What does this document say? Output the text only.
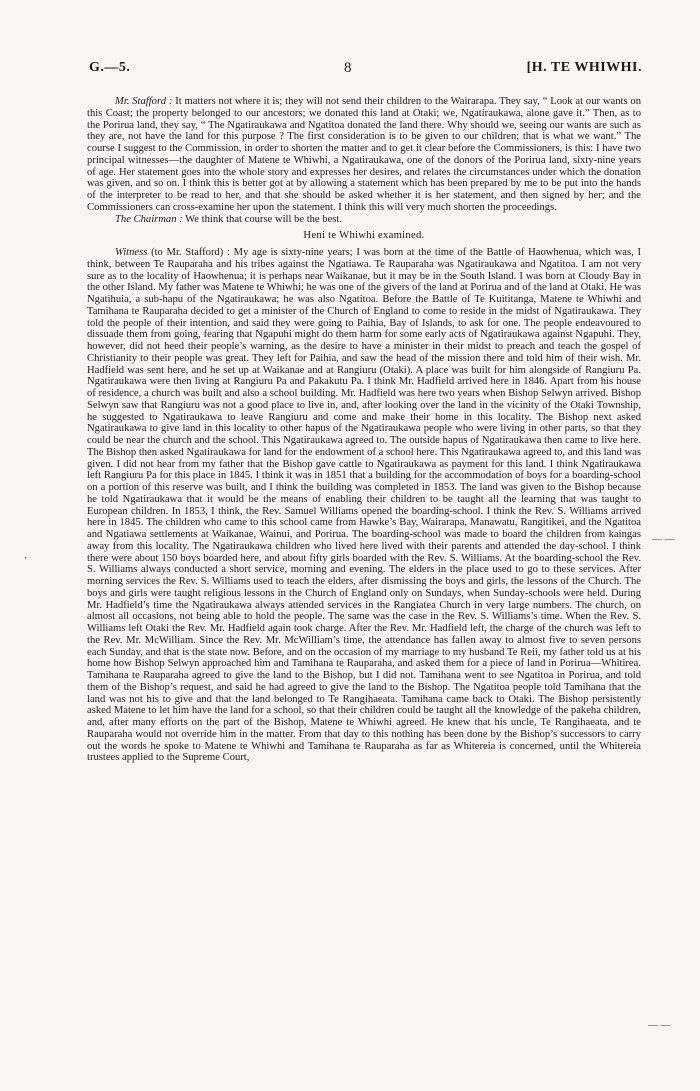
G.—5.	8	[H. TE WHIWHI.

Mr. Stafford : It matters not where it is; they will not send their children to the Wairarapa. They say, “ Look at our wants on this Coast; the property belonged to our ancestors; we donated this land at Otaki; we, Ngatiraukawa, alone gave it.” Then, as to the Porirua land, they say, “ The Ngatiraukawa and Ngatitoa donated the land there. Why should we, seeing our wants are such as they are, not have the land for this purpose ? The first consideration is to be given to our children; that is what we want.” The course I suggest to the Commission, in order to shorten the matter and to get it clear before the Commissioners, is this: I have two principal witnesses—the daughter of Matene te Whiwhi, a Ngatiraukawa, one of the donors of the Porirua land, sixty-nine years of age. Her statement goes into the whole story and expresses her desires, and relates the circumstances under which the donation was given, and so on. I think this is better got at by allowing a statement which has been prepared by me to be put into the hands of the interpreter to be read to her, and that she should be asked whether it is her statement, and then signed by her; and the Commissioners can cross-examine her upon the statement. I think this will very much shorten the proceedings.

The Chairman : We think that course will be the best.

Heni te Whiwhi examined.

Witness (to Mr. Stafford) : My age is sixty-nine years; I was born at the time of the Battle of Haowhenua, which was, I think, between Te Rauparaha and his tribes against the Ngatiawa. Te Rauparaha was Ngatiraukawa and Ngatitoa. I am not very sure as to the locality of Haowhenua; it is perhaps near Waikanae, but it may be in the South Island. I was born at Cloudy Bay in the other Island. My father was Matene te Whiwhi; he was one of the givers of the land at Porirua and of the land at Otaki. He was Ngatihuia, a sub-hapu of the Ngatiraukawa; he was also Ngatitoa. Before the Battle of Te Kuititanga, Matene te Whiwhi and Tamihana te Rauparaha decided to get a minister of the Church of England to come to reside in the midst of Ngatiraukawa. They told the people of their intention, and said they were going to Paihia, Bay of Islands, to ask for one. The people endeavoured to dissuade them from going, fearing that Ngapuhi might do them harm for some early acts of Ngatiraukawa against Ngapuhi. They, however, did not heed their people’s warning, as the desire to have a minister in their midst to preach and teach the gospel of Christianity to their people was great. They left for Paihia, and saw the head of the mission there and told him of their wish. Mr. Hadfield was sent here, and he set up at Waikanae and at Rangiuru (Otaki). A place was built for him alongside of Rangiuru Pa. Ngatiraukawa were then living at Rangiuru Pa and Pakakutu Pa. I think Mr. Hadfield arrived here in 1846. Apart from his house of residence, a church was built and also a school building. Mr. Hadfield was here two years when Bishop Selwyn arrived. Bishop Selwyn saw that Rangiuru was not a good place to live in, and, after looking over the land in the vicinity of the Otaki Township, he suggested to Ngatiraukawa to leave Rangiuru and come and make their home in this locality. The Bishop next asked Ngatiraukawa to give land in this locality to other hapus of the Ngatiraukawa people who were living in other parts, so that they could be near the church and the school. This Ngatiraukawa agreed to. The outside hapus of Ngatiraukawa then came to live here. The Bishop then asked Ngatiraukawa for land for the endowment of a school here. This Ngatiraukawa agreed to, and this land was given. I did not hear from my father that the Bishop gave cattle to Ngatiraukawa as payment for this land. I think Ngatiraukawa left Rangiuru Pa for this place in 1845. I think it was in 1851 that a building for the accommodation of boys for a boarding-school on a portion of this reserve was built, and I think the building was completed in 1853. The land was given to the Bishop because he told Ngatiraukawa that it would be the means of enabling their children to be taught all the learning that was taught to European children. In 1853, I think, the Rev. Samuel Williams opened the boarding-school. I think the Rev. S. Williams arrived here in 1845. The children who came to this school came from Hawke’s Bay, Wairarapa, Manawatu, Rangitikei, and the Ngatitoa and Ngatiawa settlements at Waikanae, Wainui, and Porirua. The boarding-school was made to board the children from kaingas away from this locality. The Ngatiraukawa children who lived here lived with their parents and attended the day-school. I think there were about 150 boys boarded here, and about fifty girls boarded with the Rev. S. Williams. At the boarding-school the Rev. S. Williams always conducted a short service, morning and evening. The elders in the place used to go to these services. After morning services the Rev. S. Williams used to teach the elders, after dismissing the boys and girls, the lessons of the Church. The boys and girls were taught religious lessons in the Church of England only on Sundays, when Sunday-schools were held. During Mr. Hadfield’s time the Ngatiraukawa always attended services in the Rangiatea Church in very large numbers. The church, on almost all occasions, not being able to hold the people. The same was the case in the Rev. S. Williams’s time. When the Rev. S. Williams left Otaki the Rev. Mr. Hadfield again took charge. After the Rev. Mr. Hadfield left, the charge of the church was left to the Rev. Mr. McWilliam. Since the Rev. Mr. McWilliam’s time, the attendance has fallen away to almost five to seven persons each Sunday, and that is the state now. Before, and on the occasion of my marriage to my husband Te Reii, my father told us at his home how Bishop Selwyn approached him and Tamihana te Rauparaha, and asked them for a piece of land in Porirua—Whitirea. Tamihana te Rauparaha agreed to give the land to the Bishop, but I did not. Tamihana went to see Ngatitoa in Porirua, and told them of the Bishop’s request, and said he had agreed to give the land to the Bishop. The Ngatitoa people told Tamihana that the land was not his to give and that the land belonged to Te Rangihaeata. Tamihana came back to Otaki. The Bishop persistently asked Matene to let him have the land for a school, so that their children could be taught all the knowledge of the pakeha children, and, after many efforts on the part of the Bishop, Matene te Whiwhi agreed. He knew that his uncle, Te Rangihaeata, and te Rauparaha would not override him in the matter. From that day to this nothing has been done by the Bishop’s successors to carry out the words he spoke to Matene te Whiwhi and Tamihana te Rauparaha as far as Whitereia is concerned, until the Whitereia trustees applied to the Supreme Court,

ʼ
— —
— —
